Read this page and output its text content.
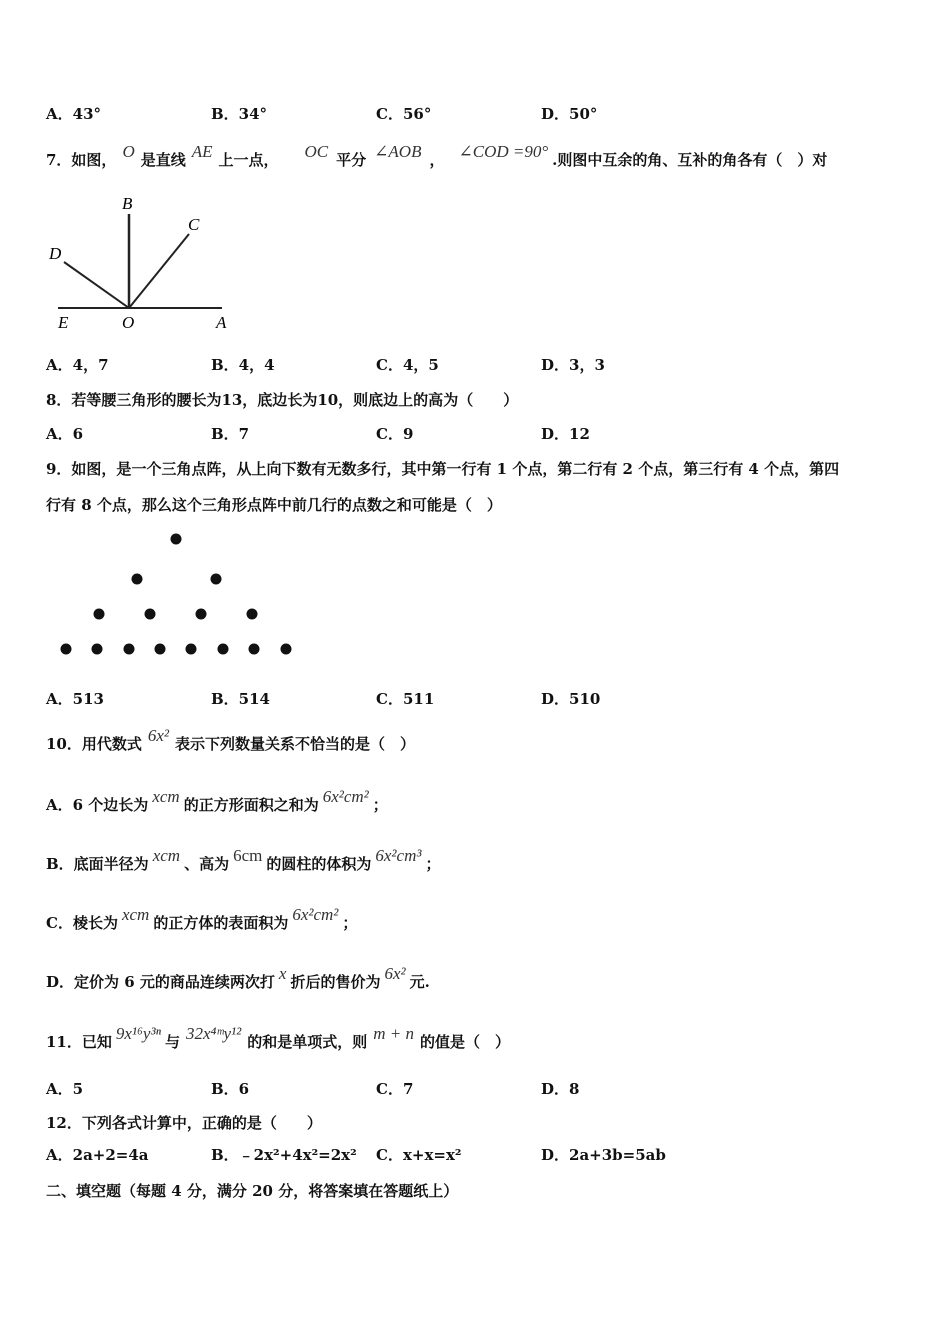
A．43°	B．34°	C．56°	D．50°
7．如图， O 是直线 AE 上一点， OC 平分 ∠AOB ， ∠COD =90° .则图中互余的角、互补的角各有（　）对
B
C
D
E	O	A
A．4，7	B．4，4	C．4，5	D．3，3
8．若等腰三角形的腰长为13，底边长为10，则底边上的高为（　　）
A．6	B．7	C．9	D．12
9．如图，是一个三角点阵，从上向下数有无数多行，其中第一行有 1 个点，第二行有 2 个点，第三行有 4 个点，第四
行有 8 个点，那么这个三角形点阵中前几行的点数之和可能是（　）
A．513	B．514	C．511	D．510
10．用代数式 6x² 表示下列数量关系不恰当的是（　）
A．6 个边长为 xcm 的正方形面积之和为 6x²cm² ；
B．底面半径为 xcm 、高为 6cm 的圆柱的体积为 6x²cm³ ；
C．棱长为 xcm 的正方体的表面积为 6x²cm² ；
D．定价为 6 元的商品连续两次打 x 折后的售价为 6x² 元.
11．已知 9x¹⁶y³ⁿ 与 32x⁴ᵐy¹² 的和是单项式，则 m + n 的值是（　）
A．5	B．6	C．7	D．8
12．下列各式计算中，正确的是（　　）
A．2a+2=4a	B．﹣2x²+4x²=2x² C．x+x=x²	D．2a+3b=5ab
二、填空题（每题 4 分，满分 20 分，将答案填在答题纸上）
